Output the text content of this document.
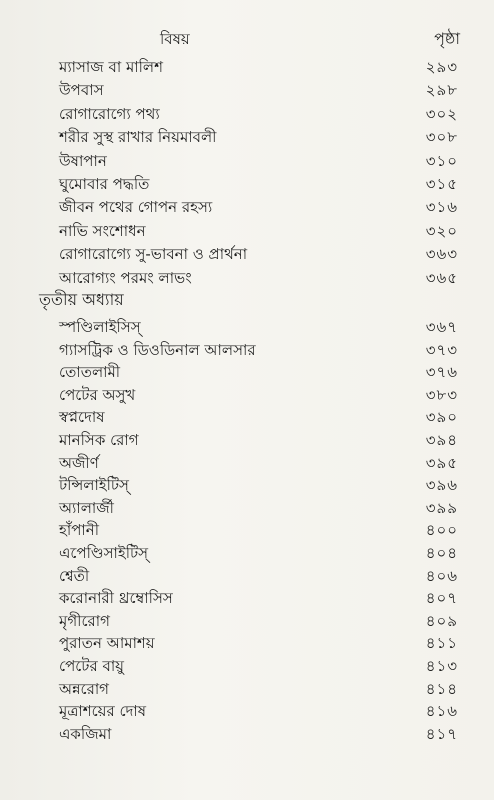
বিষয়	পৃষ্ঠা
ম্যাসাজ বা মালিশ	২৯৩
উপবাস	২৯৮
রোগারোগ্যে পথ্য	৩০২
শরীর সুস্থ রাখার নিয়মাবলী	৩০৮
উষাপান	৩১০
ঘুমোবার পদ্ধতি	৩১৫
জীবন পথের গোপন রহস্য	৩১৬
নাভি সংশোধন	৩২০
রোগারোগ্যে সু-ভাবনা ও প্রার্থনা	৩৬৩
আরোগ্যং পরমং লাভং	৩৬৫
তৃতীয় অধ্যায়
স্পণ্ডিলাইসিস্	৩৬৭
গ্যাসট্রিক ও ডিওডিনাল আলসার	৩৭৩
তোতলামী	৩৭৬
পেটের অসুখ	৩৮৩
স্বপ্নদোষ	৩৯০
মানসিক রোগ	৩৯৪
অজীর্ণ	৩৯৫
টন্সিলাইটিস্	৩৯৬
অ্যালার্জী	৩৯৯
হাঁপানী	৪০০
এপেণ্ডিসাইটিস্	৪০৪
শ্বেতী	৪০৬
করোনারী থ্রম্বোসিস	৪০৭
মৃগীরোগ	৪০৯
পুরাতন আমাশয়	৪১১
পেটের বায়ু	৪১৩
অন্নরোগ	৪১৪
মূত্রাশয়ের দোষ	৪১৬
একজিমা	৪১৭
